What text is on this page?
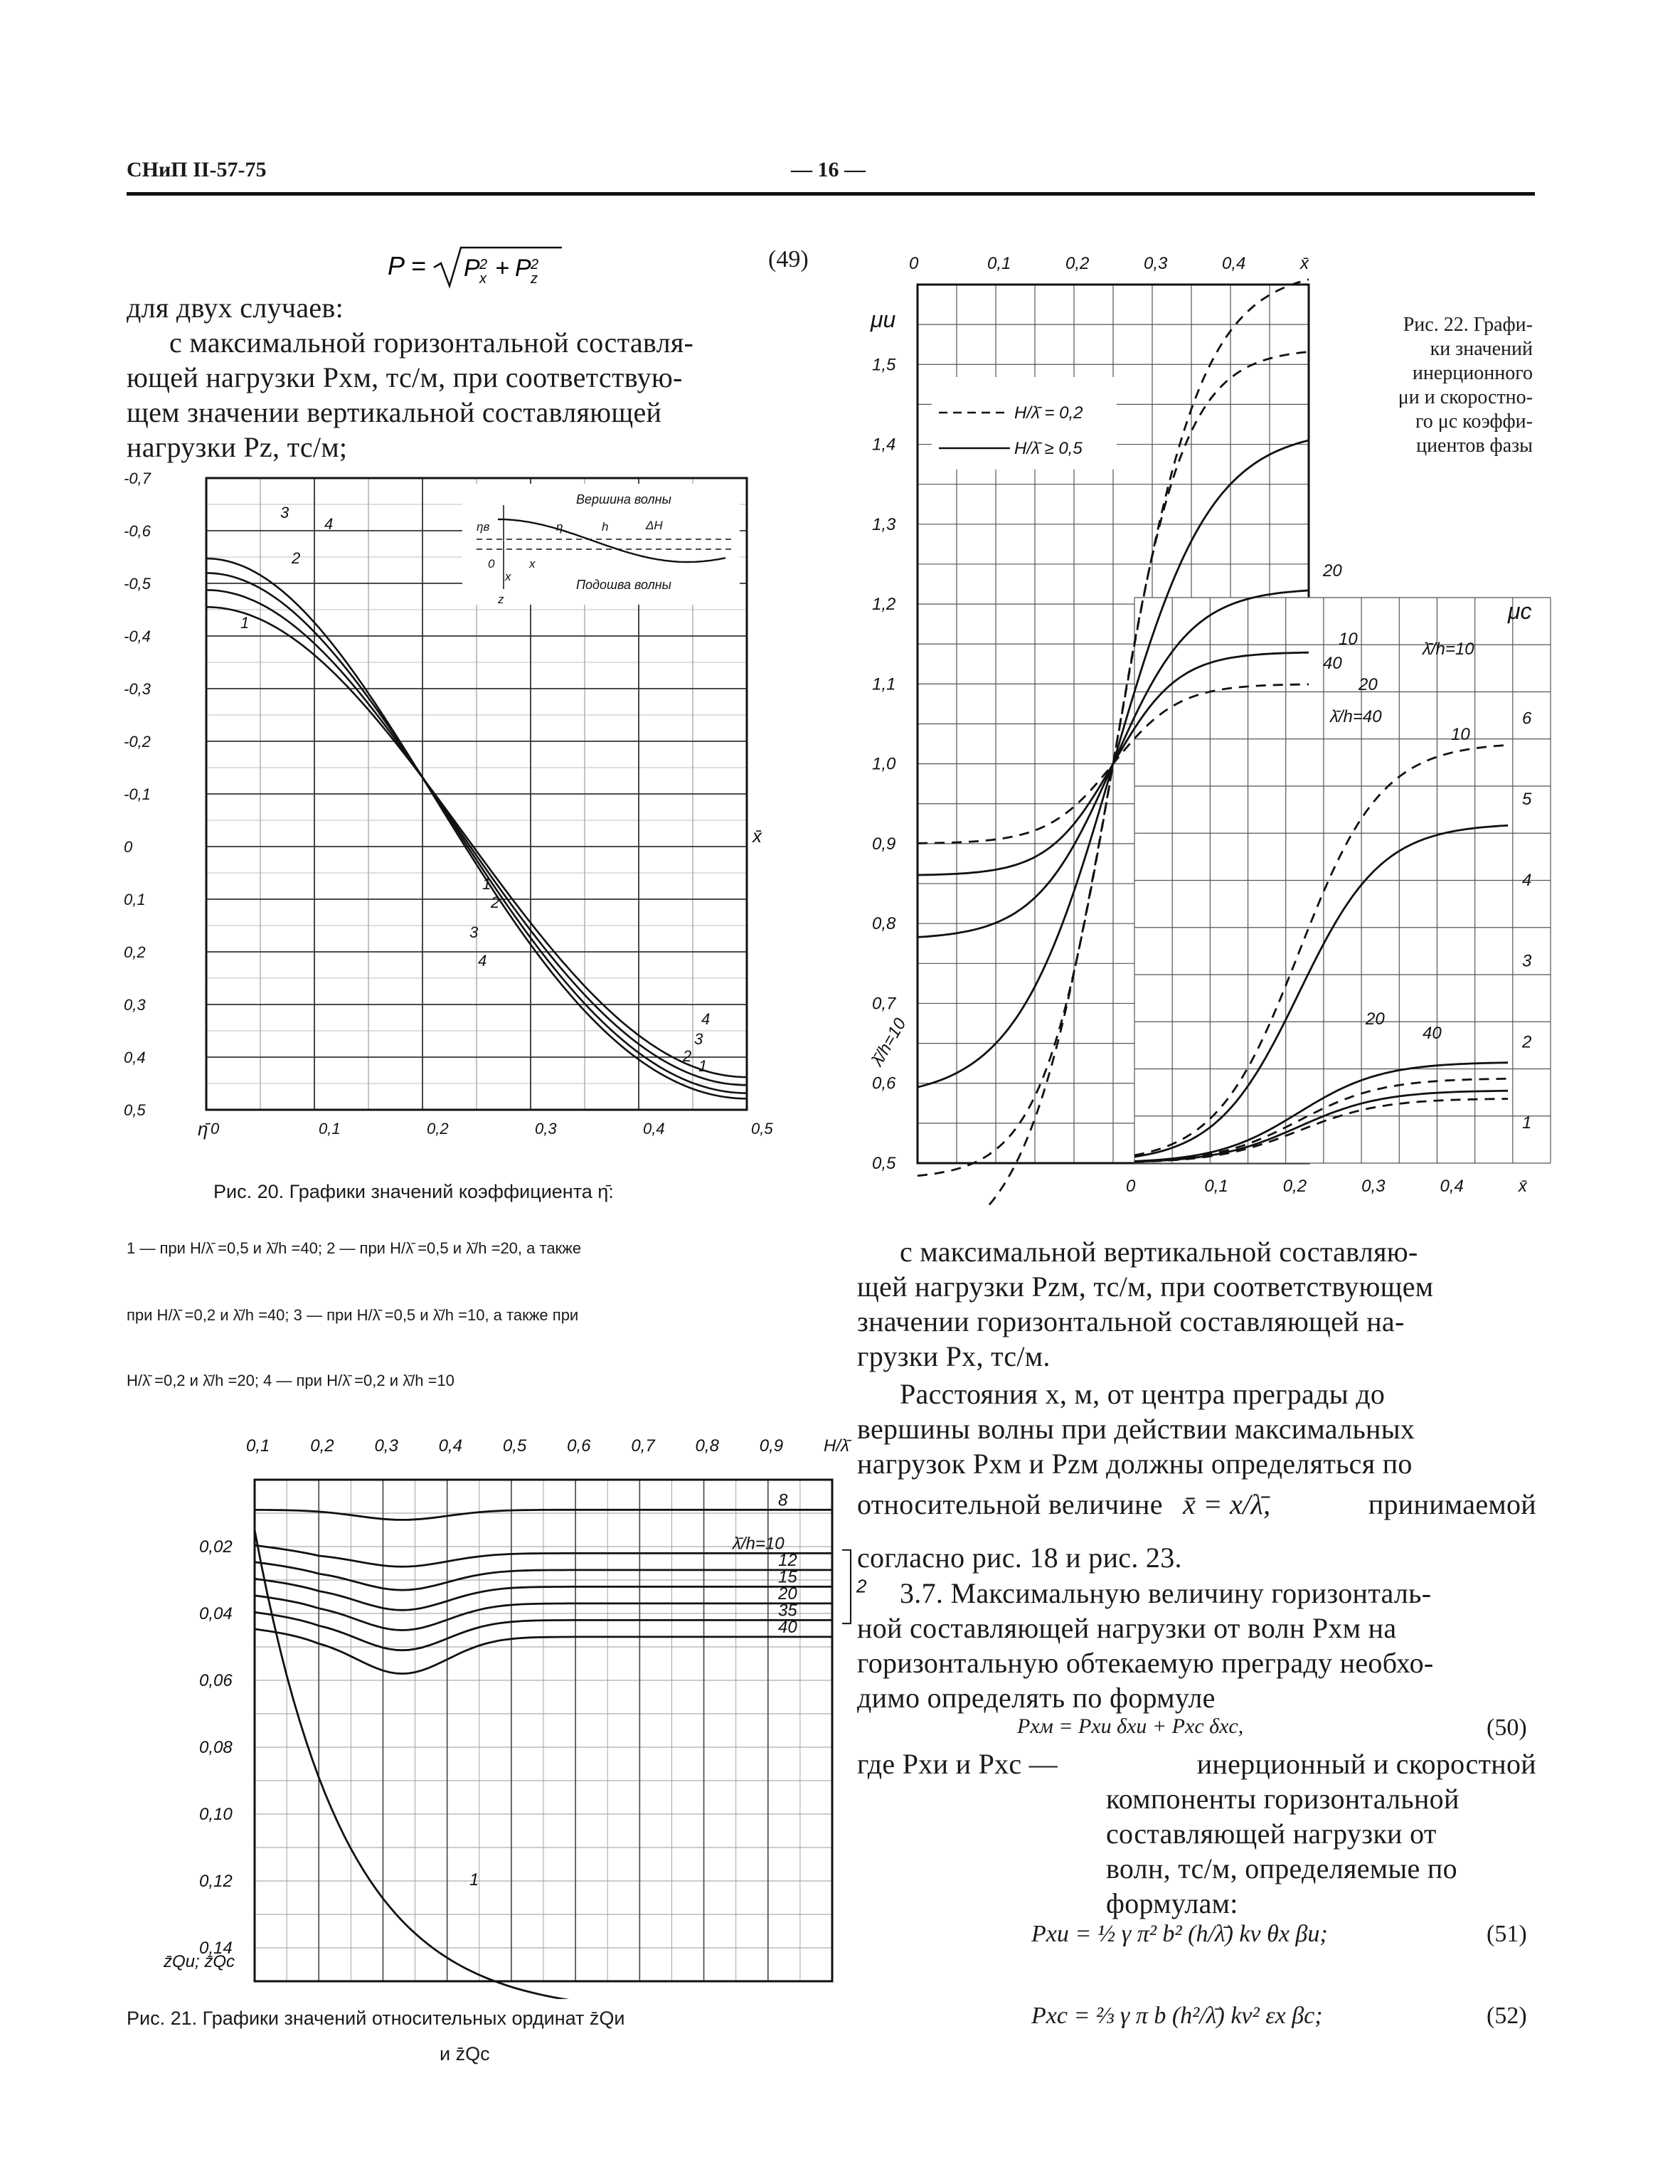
СНиП II-57-75	— 16 —
P = P 2
x + P 2
z
(49)
для двух случаев:
с максимальной горизонтальной составля-
ющей нагрузки Pxм, тс/м, при соответствую-
щем значении вертикальной составляющей
нагрузки Pz, тс/м;
-0,7
-0,6
-0,5
-0,4
-0,3
-0,2
-0,1
0
0,1
0,2
0,3
0,4
0,5
0	0,1	0,2	0,3	0,4	0,5
x̄
η̄
1
1
2
3
4
1
2
3
4
3
2
4
Вершина волны
Подошва волны
ηв	η	h	ΔH
0	x
z
x
Рис. 20. Графики значений коэффициента η̄:
1 — при H/λ̄ =0,5 и λ̄/h =40; 2 — при H/λ̄ =0,5 и λ̄/h =20, а также
при H/λ̄ =0,2 и λ̄/h =40; 3 — при H/λ̄ =0,5 и λ̄/h =10, а также при
H/λ̄ =0,2 и λ̄/h =20; 4 — при H/λ̄ =0,2 и λ̄/h =10
0,1 0,2 0,3 0,4 0,5 0,6 0,7 0,8 0,9 H/λ̄
0,02
0,04
0,06
0,08
0,10
0,12
0,14
z̄Qи; z̄Qc
8
λ̄/h=10
12
15
20
35
40
1
2
Рис. 21. Графики значений относительных ординат z̄Qи
и z̄Qc
0	0,1	0,2	0,3	0,4	x̄
0	0,1	0,2	0,3	0,4	x̄
μи
1,5
1,4
1,3
1,2
1,1
1,0
0,9
0,8
0,7
0,6
0,5
μc
6
5
4
3
2
1
H/λ̄ = 0,2
H/λ̄ ≥ 0,5
20
10
40
20
λ̄/h=40
λ̄/h=10
λ̄/h=10
10
20
40
Рис. 22. Графи-
ки значений
инерционного
μи и скоростно-
го μс коэффи-
циентов фазы
с максимальной вертикальной составляю-
щей нагрузки Pzм, тс/м, при соответствующем
значении горизонтальной составляющей на-
грузки Px, тс/м.
Расстояния x, м, от центра преграды до
вершины волны при действии максимальных
нагрузок Pxм и Pzм должны определяться по
относительной величине x̄ = x/λ̄,	принимаемой
согласно рис. 18 и рис. 23.
3.7. Максимальную величину горизонталь-
ной составляющей нагрузки от волн Pxм на
горизонтальную обтекаемую преграду необхо-
димо определять по формуле
Pxм = Pxи δxи + Pxc δxc,	(50)
где Pxи и Pxc —	инерционный и скоростной
компоненты горизонтальной
составляющей нагрузки от
волн, тс/м, определяемые по
формулам:
Pxи = ½ γ π² b² (h/λ̄) kv θx βи;	(51)
Pxc = ⅔ γ π b (h²/λ̄) kv² εx βc;	(52)
